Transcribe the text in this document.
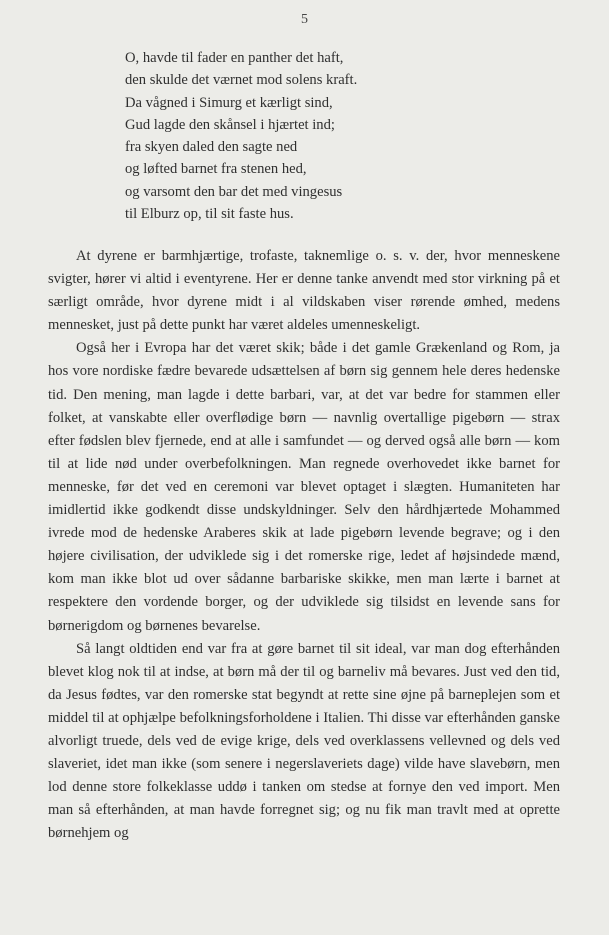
5
O, havde til fader en panther det haft,
den skulde det værnet mod solens kraft.
Da vågned i Simurg et kærligt sind,
Gud lagde den skånsel i hjærtet ind;
fra skyen daled den sagte ned
og løfted barnet fra stenen hed,
og varsomt den bar det med vingesus
til Elburz op, til sit faste hus.

At dyrene er barmhjærtige, trofaste, taknemlige o. s. v. der, hvor menneskene svigter, hører vi altid i eventyrene. Her er denne tanke anvendt med stor virkning på et særligt område, hvor dyrene midt i al vildskaben viser rørende ømhed, medens mennesket, just på dette punkt har været aldeles umenneskeligt.

Også her i Evropa har det været skik; både i det gamle Grækenland og Rom, ja hos vore nordiske fædre bevarede udsættelsen af børn sig gennem hele deres hedenske tid. Den mening, man lagde i dette barbari, var, at det var bedre for stammen eller folket, at vanskabte eller overflødige børn — navnlig overtallige pigebørn — strax efter fødslen blev fjernede, end at alle i samfundet — og derved også alle børn — kom til at lide nød under overbefolkningen. Man regnede overhovedet ikke barnet for menneske, før det ved en ceremoni var blevet optaget i slægten. Humaniteten har imidlertid ikke godkendt disse undskyldninger. Selv den hårdhjærtede Mohammed ivrede mod de hedenske Araberes skik at lade pigebørn levende begrave; og i den højere civilisation, der udviklede sig i det romerske rige, ledet af højsindede mænd, kom man ikke blot ud over sådanne barbariske skikke, men man lærte i barnet at respektere den vordende borger, og der udviklede sig tilsidst en levende sans for børnerigdom og børnenes bevarelse.

Så langt oldtiden end var fra at gøre barnet til sit ideal, var man dog efterhånden blevet klog nok til at indse, at børn må der til og barneliv må bevares. Just ved den tid, da Jesus fødtes, var den romerske stat begyndt at rette sine øjne på barneplejen som et middel til at ophjælpe befolkningsforholdene i Italien. Thi disse var efterhånden ganske alvorligt truede, dels ved de evige krige, dels ved overklassens vellevned og dels ved slaveriet, idet man ikke (som senere i negerslaveriets dage) vilde have slavebørn, men lod denne store folkeklasse uddø i tanken om stedse at fornye den ved import. Men man så efterhånden, at man havde forregnet sig; og nu fik man travlt med at oprette børnehjem og
